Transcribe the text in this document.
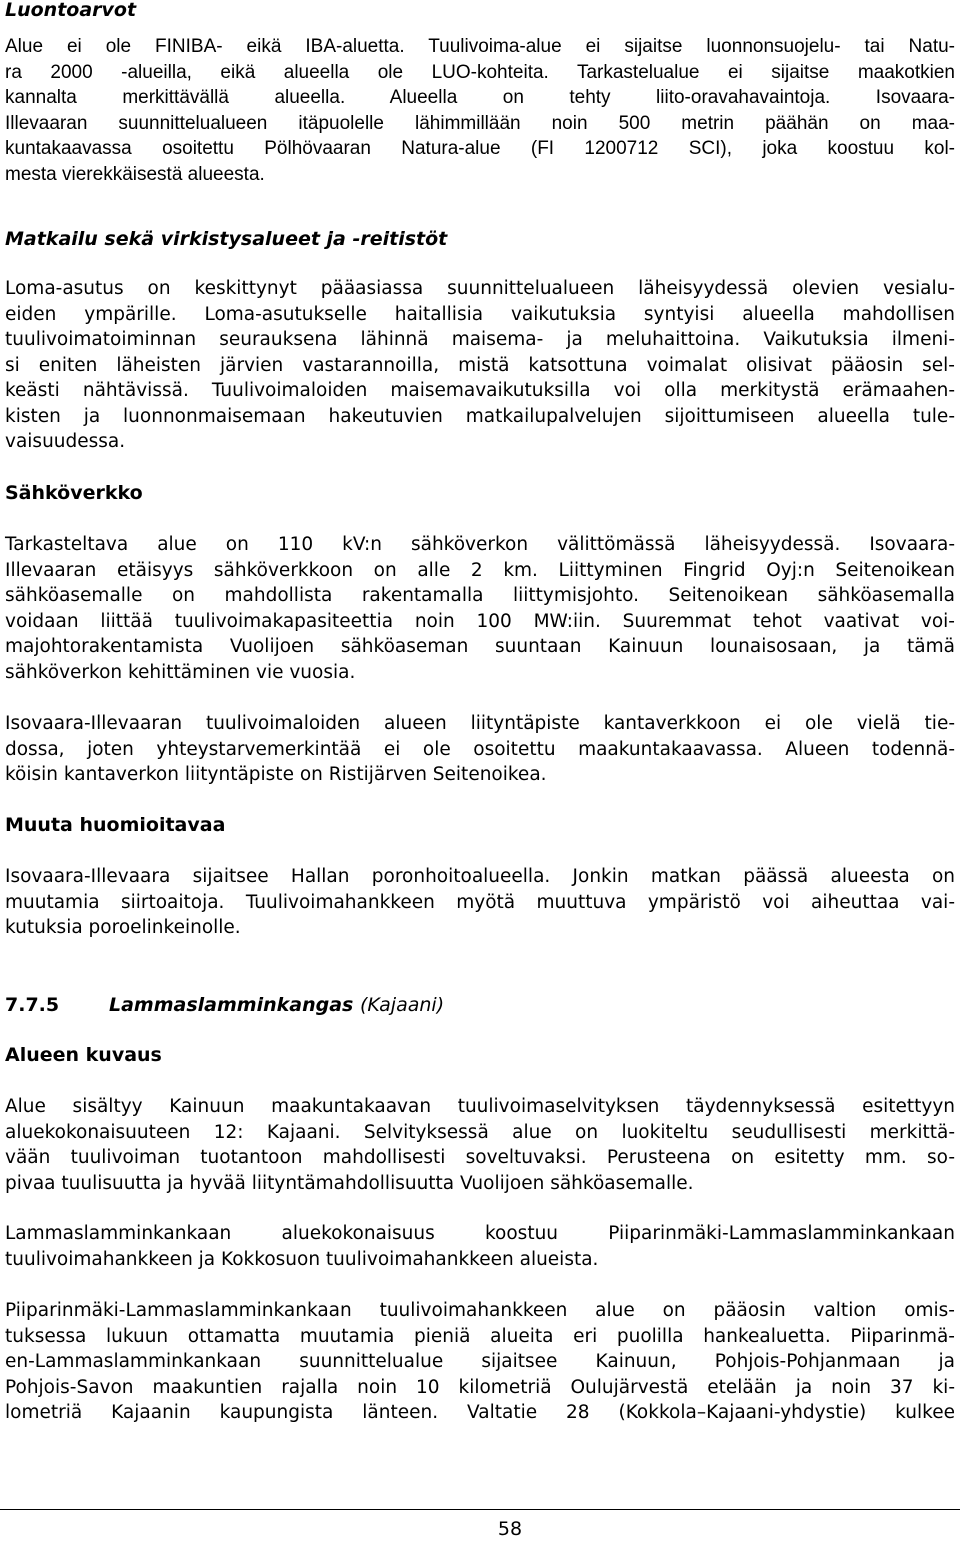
Luontoarvot

Alue ei ole FINIBA- eikä IBA-aluetta. Tuulivoima-alue ei sijaitse luonnonsuojelu- tai Natu-
ra 2000 -alueilla, eikä alueella ole LUO-kohteita. Tarkastelualue ei sijaitse maakotkien
kannalta merkittävällä alueella. Alueella on tehty liito-oravahavaintoja. Isovaara-
Illevaaran suunnittelualueen itäpuolelle lähimmillään noin 500 metrin päähän on maa-
kuntakaavassa osoitettu Pölhövaaran Natura-alue (FI 1200712 SCI), joka koostuu kol-
mesta vierekkäisestä alueesta.

Matkailu sekä virkistysalueet ja -reitistöt

Loma-asutus on keskittynyt pääasiassa suunnittelualueen läheisyydessä olevien vesialu-
eiden ympärille. Loma-asutukselle haitallisia vaikutuksia syntyisi alueella mahdollisen
tuulivoimatoiminnan seurauksena lähinnä maisema- ja meluhaittoina. Vaikutuksia ilmeni-
si eniten läheisten järvien vastarannoilla, mistä katsottuna voimalat olisivat pääosin sel-
keästi nähtävissä. Tuulivoimaloiden maisemavaikutuksilla voi olla merkitystä erämaahen-
kisten ja luonnonmaisemaan hakeutuvien matkailupalvelujen sijoittumiseen alueella tule-
vaisuudessa.

Sähköverkko

Tarkasteltava alue on 110 kV:n sähköverkon välittömässä läheisyydessä. Isovaara-
Illevaaran etäisyys sähköverkkoon on alle 2 km. Liittyminen Fingrid Oyj:n Seitenoikean
sähköasemalle on mahdollista rakentamalla liittymisjohto. Seitenoikean sähköasemalla
voidaan liittää tuulivoimakapasiteettia noin 100 MW:iin. Suuremmat tehot vaativat voi-
majohtorakentamista Vuolijoen sähköaseman suuntaan Kainuun lounaisosaan, ja tämä
sähköverkon kehittäminen vie vuosia.
Isovaara-Illevaaran tuulivoimaloiden alueen liityntäpiste kantaverkkoon ei ole vielä tie-
dossa, joten yhteystarvemerkintää ei ole osoitettu maakuntakaavassa. Alueen todennä-
köisin kantaverkon liityntäpiste on Ristijärven Seitenoikea.

Muuta huomioitavaa

Isovaara-Illevaara sijaitsee Hallan poronhoitoalueella. Jonkin matkan päässä alueesta on
muutamia siirtoaitoja. Tuulivoimahankkeen myötä muuttuva ympäristö voi aiheuttaa vai-
kutuksia poroelinkeinolle.
7.7.5	Lammaslamminkangas (Kajaani)

Alueen kuvaus

Alue sisältyy Kainuun maakuntakaavan tuulivoimaselvityksen täydennyksessä esitettyyn
aluekokonaisuuteen 12: Kajaani. Selvityksessä alue on luokiteltu seudullisesti merkittä-
vään tuulivoiman tuotantoon mahdollisesti soveltuvaksi. Perusteena on esitetty mm. so-
pivaa tuulisuutta ja hyvää liityntämahdollisuutta Vuolijoen sähköasemalle.
Lammaslamminkankaan aluekokonaisuus koostuu Piiparinmäki-Lammaslamminkankaan
tuulivoimahankkeen ja Kokkosuon tuulivoimahankkeen alueista.
Piiparinmäki-Lammaslamminkankaan tuulivoimahankkeen alue on pääosin valtion omis-
tuksessa lukuun ottamatta muutamia pieniä alueita eri puolilla hankealuetta. Piiparinmä-
en-Lammaslamminkankaan suunnittelualue sijaitsee Kainuun, Pohjois-Pohjanmaan ja
Pohjois-Savon maakuntien rajalla noin 10 kilometriä Oulujärvestä etelään ja noin 37 ki-
lometriä Kajaanin kaupungista länteen. Valtatie 28 (Kokkola–Kajaani-yhdystie) kulkee
58
